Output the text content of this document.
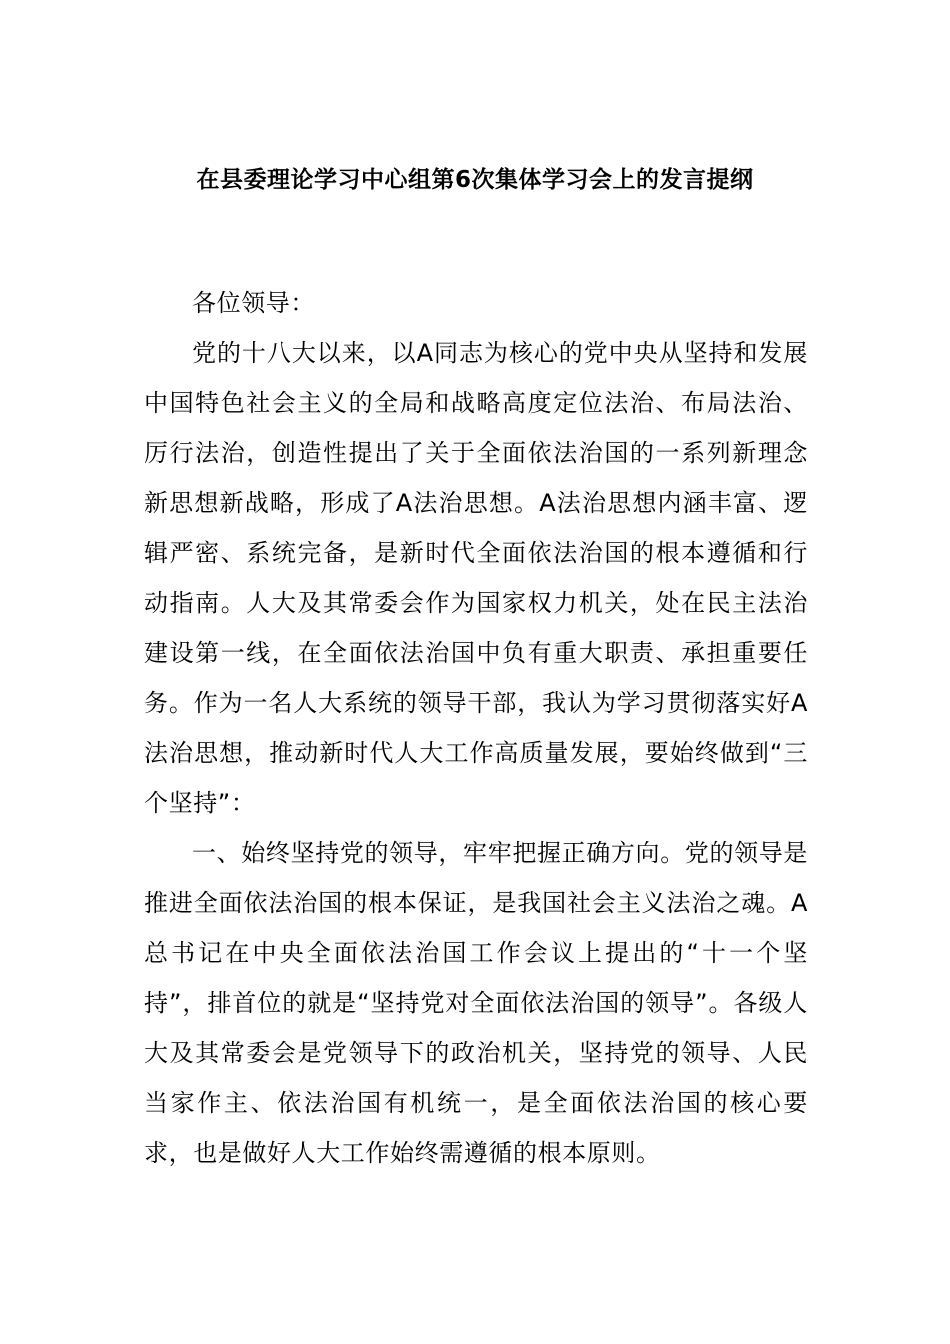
在县委理论学习中心组第6次集体学习会上的发言提纲

各位领导：

党的十八大以来，以A同志为核心的党中央从坚持和发展中国特色社会主义的全局和战略高度定位法治、布局法治、厉行法治，创造性提出了关于全面依法治国的一系列新理念新思想新战略，形成了A法治思想。A法治思想内涵丰富、逻辑严密、系统完备，是新时代全面依法治国的根本遵循和行动指南。人大及其常委会作为国家权力机关，处在民主法治建设第一线，在全面依法治国中负有重大职责、承担重要任务。作为一名人大系统的领导干部，我认为学习贯彻落实好A法治思想，推动新时代人大工作高质量发展，要始终做到“三个坚持”：

一、始终坚持党的领导，牢牢把握正确方向。党的领导是推进全面依法治国的根本保证，是我国社会主义法治之魂。A总书记在中央全面依法治国工作会议上提出的“十一个坚持”，排首位的就是“坚持党对全面依法治国的领导”。各级人大及其常委会是党领导下的政治机关，坚持党的领导、人民当家作主、依法治国有机统一，是全面依法治国的核心要求，也是做好人大工作始终需遵循的根本原则。
